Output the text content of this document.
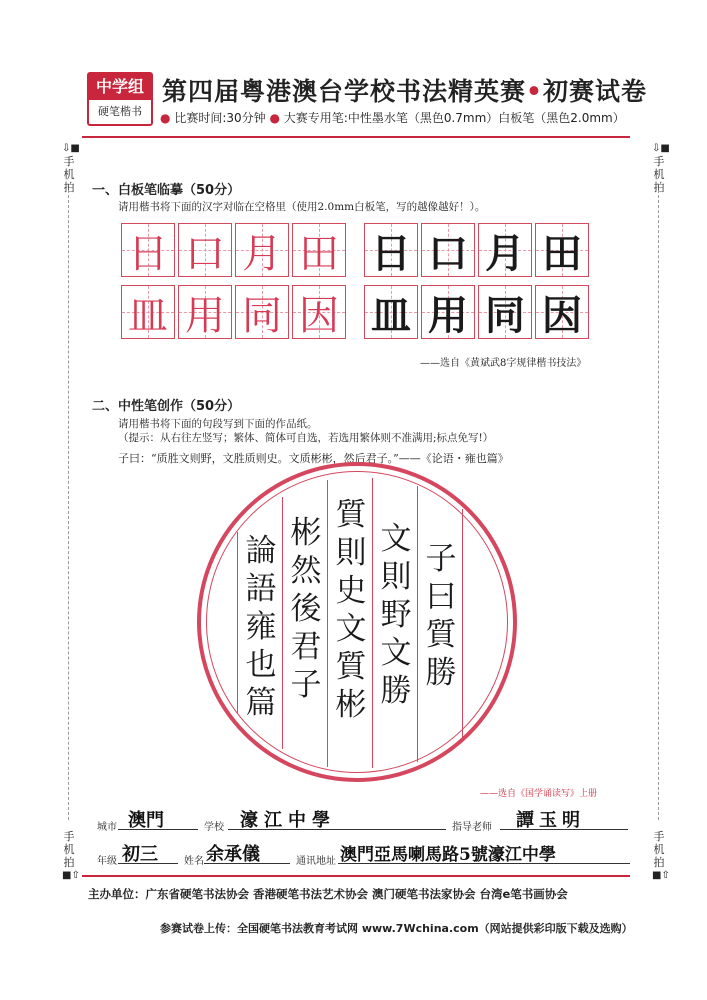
中学组
硬笔楷书
第四届粤港澳台学校书法精英赛•初赛试卷
● 比赛时间:30分钟 ● 大赛专用笔:中性墨水笔（黑色0.7mm）白板笔（黑色2.0mm）
⇩■
手
机
拍
⇩■
手
机
拍
手
机
拍
■⇧
手
机
拍
■⇧
一、白板笔临摹（50分）
请用楷书将下面的汉字对临在空格里（使用2.0mm白板笔，写的越像越好！）。
日 口 月 田 日 口 月 田
皿 用 同 因 皿 用 同 因
——选自《黄斌武8字规律楷书技法》
二、中性笔创作（50分）
请用楷书将下面的句段写到下面的作品纸。
（提示：从右往左竖写；繁体、简体可自选，若选用繁体则不准满用;标点免写!）
子曰：“质胜文则野，文胜质则史。文质彬彬，然后君子。”——《论语・雍也篇》
子
曰
質
勝
文
則
野
文
勝
質
則
史
文
質
彬
彬
然
後
君
子
論
語
雍
也
篇
——选自《国学诵读写》上册
城市 澳門	学校 濠江中學	指导老师 譚玉明
年级 初三	姓名 余承儀	通讯地址 澳門亞馬喇馬路5號濠江中學
主办单位：广东省硬笔书法协会 香港硬笔书法艺术协会 澳门硬笔书法家协会 台湾e笔书画协会
参赛试卷上传：全国硬笔书法教育考试网 www.7Wchina.com（网站提供彩印版下载及选购）
